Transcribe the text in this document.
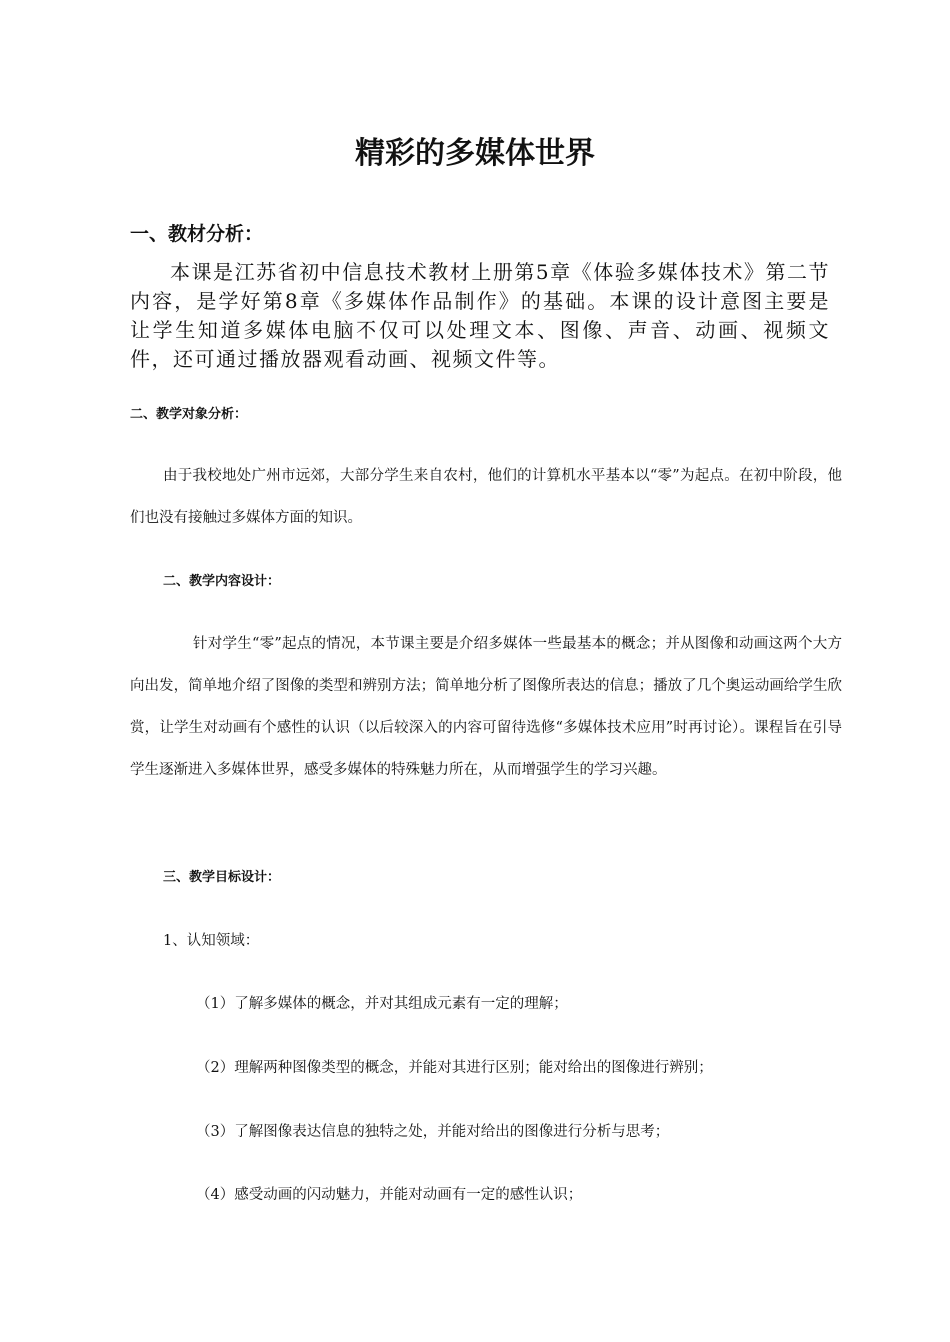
精彩的多媒体世界
一、教材分析：

本课是江苏省初中信息技术教材上册第5章《体验多媒体技术》第二节内容，是学好第8章《多媒体作品制作》的基础。本课的设计意图主要是让学生知道多媒体电脑不仅可以处理文本、图像、声音、动画、视频文件，还可通过播放器观看动画、视频文件等。

二、教学对象分析：

由于我校地处广州市远郊，大部分学生来自农村，他们的计算机水平基本以“零”为起点。在初中阶段，他们也没有接触过多媒体方面的知识。

二、教学内容设计：

针对学生“零”起点的情况，本节课主要是介绍多媒体一些最基本的概念；并从图像和动画这两个大方向出发，简单地介绍了图像的类型和辨别方法；简单地分析了图像所表达的信息；播放了几个奥运动画给学生欣赏，让学生对动画有个感性的认识（以后较深入的内容可留待选修“多媒体技术应用”时再讨论）。课程旨在引导学生逐渐进入多媒体世界，感受多媒体的特殊魅力所在，从而增强学生的学习兴趣。

三、教学目标设计：

1、认知领域：

（1）了解多媒体的概念，并对其组成元素有一定的理解；

（2）理解两种图像类型的概念，并能对其进行区别；能对给出的图像进行辨别；

（3）了解图像表达信息的独特之处，并能对给出的图像进行分析与思考；

（4）感受动画的闪动魅力，并能对动画有一定的感性认识；
